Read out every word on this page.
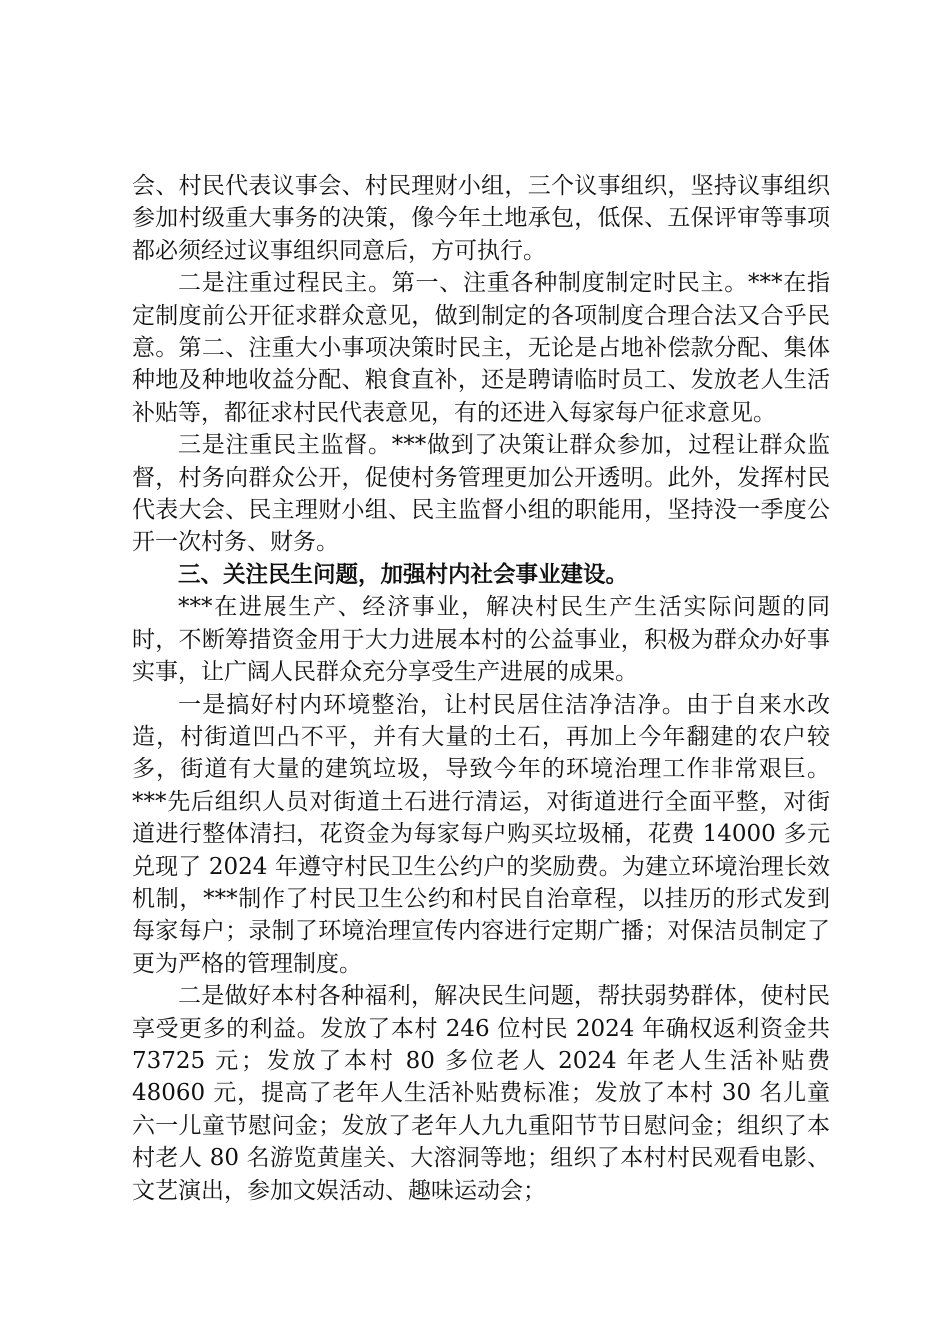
会、村民代表议事会、村民理财小组，三个议事组织，坚持议事组织参加村级重大事务的决策，像今年土地承包，低保、五保评审等事项都必须经过议事组织同意后，方可执行。

二是注重过程民主。第一、注重各种制度制定时民主。***在指定制度前公开征求群众意见，做到制定的各项制度合理合法又合乎民意。第二、注重大小事项决策时民主，无论是占地补偿款分配、集体种地及种地收益分配、粮食直补，还是聘请临时员工、发放老人生活补贴等，都征求村民代表意见，有的还进入每家每户征求意见。

三是注重民主监督。***做到了决策让群众参加，过程让群众监督，村务向群众公开，促使村务管理更加公开透明。此外，发挥村民代表大会、民主理财小组、民主监督小组的职能用，坚持没一季度公开一次村务、财务。

三、关注民生问题，加强村内社会事业建设。

***在进展生产、经济事业，解决村民生产生活实际问题的同时，不断筹措资金用于大力进展本村的公益事业，积极为群众办好事实事，让广阔人民群众充分享受生产进展的成果。

一是搞好村内环境整治，让村民居住洁净洁净。由于自来水改造，村街道凹凸不平，并有大量的土石，再加上今年翻建的农户较多，街道有大量的建筑垃圾，导致今年的环境治理工作非常艰巨。***先后组织人员对街道土石进行清运，对街道进行全面平整，对街道进行整体清扫，花资金为每家每户购买垃圾桶，花费 14000 多元兑现了 2024 年遵守村民卫生公约户的奖励费。为建立环境治理长效机制，***制作了村民卫生公约和村民自治章程，以挂历的形式发到每家每户；录制了环境治理宣传内容进行定期广播；对保洁员制定了更为严格的管理制度。

二是做好本村各种福利，解决民生问题，帮扶弱势群体，使村民享受更多的利益。发放了本村 246 位村民 2024 年确权返利资金共 73725 元；发放了本村 80 多位老人 2024 年老人生活补贴费 48060 元，提高了老年人生活补贴费标准；发放了本村 30 名儿童六一儿童节慰问金；发放了老年人九九重阳节节日慰问金；组织了本村老人 80 名游览黄崖关、大溶洞等地；组织了本村村民观看电影、文艺演出，参加文娱活动、趣味运动会；
